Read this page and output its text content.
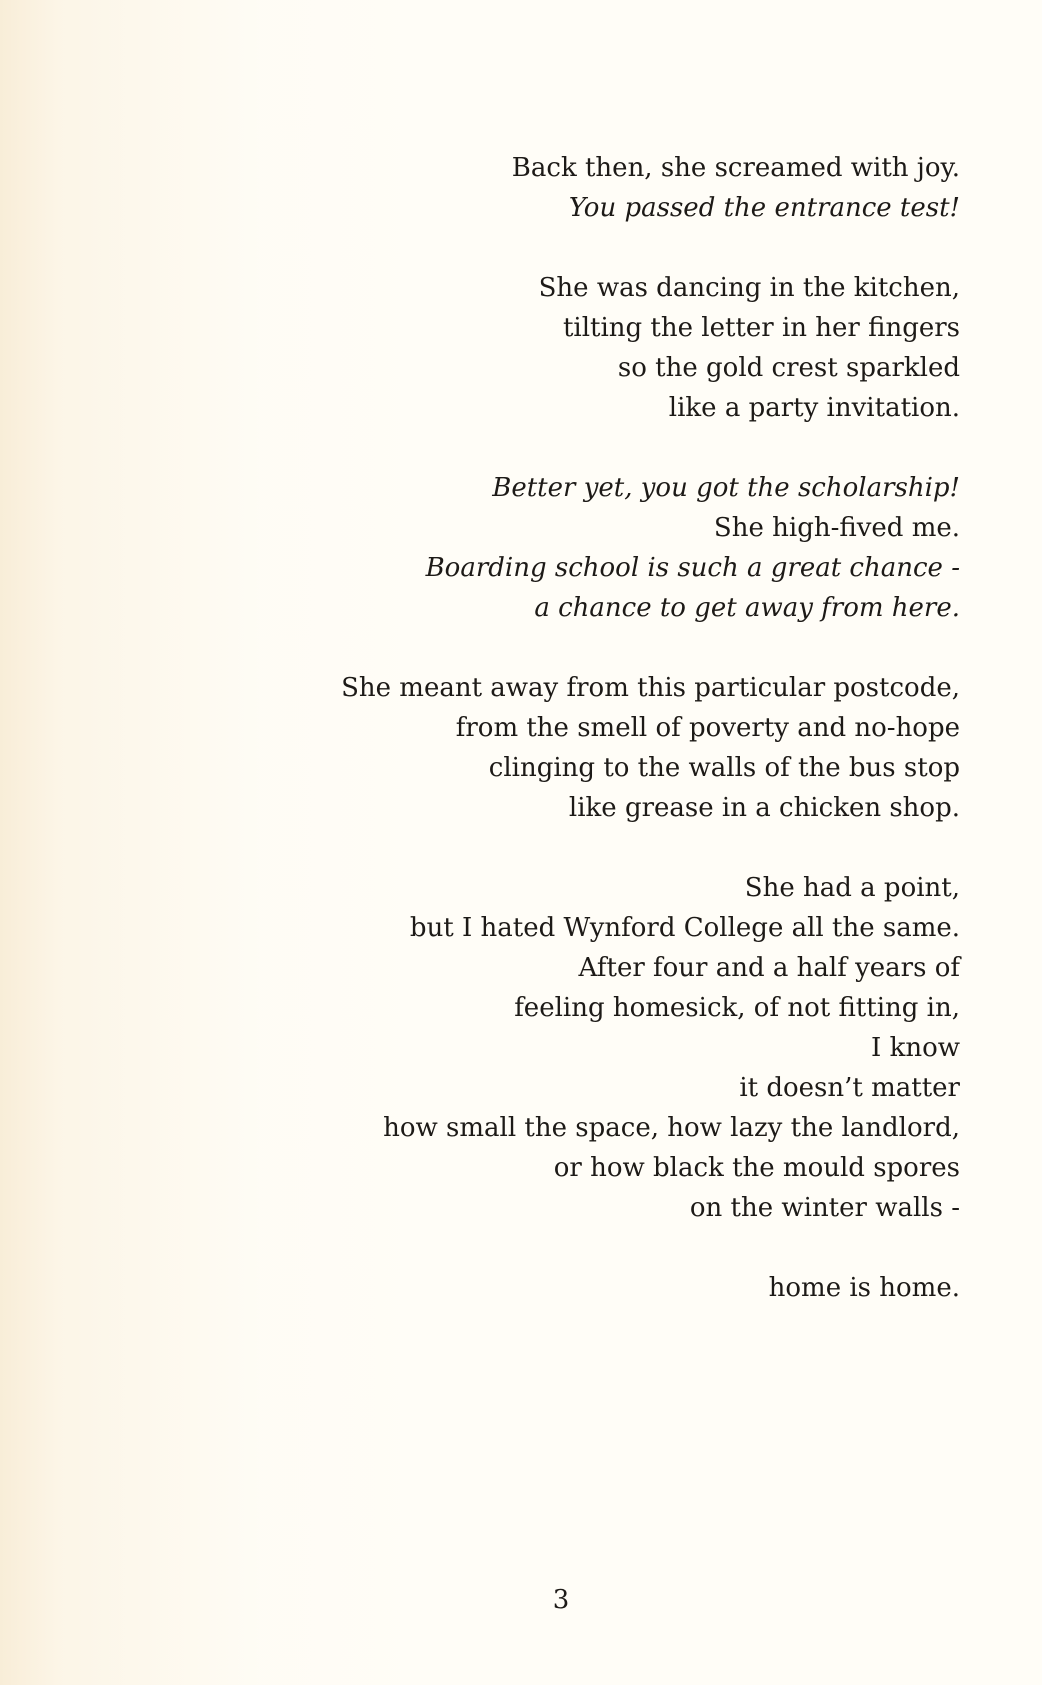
Back then, she screamed with joy.
You passed the entrance test!
She was dancing in the kitchen,
tilting the letter in her fingers
so the gold crest sparkled
like a party invitation.
Better yet, you got the scholarship!
She high-fived me.
Boarding school is such a great chance -
a chance to get away from here.
She meant away from this particular postcode,
from the smell of poverty and no-hope
clinging to the walls of the bus stop
like grease in a chicken shop.
She had a point,
but I hated Wynford College all the same.
After four and a half years of
feeling homesick, of not fitting in,
I know
it doesn’t matter
how small the space, how lazy the landlord,
or how black the mould spores
on the winter walls -
home is home.
3
